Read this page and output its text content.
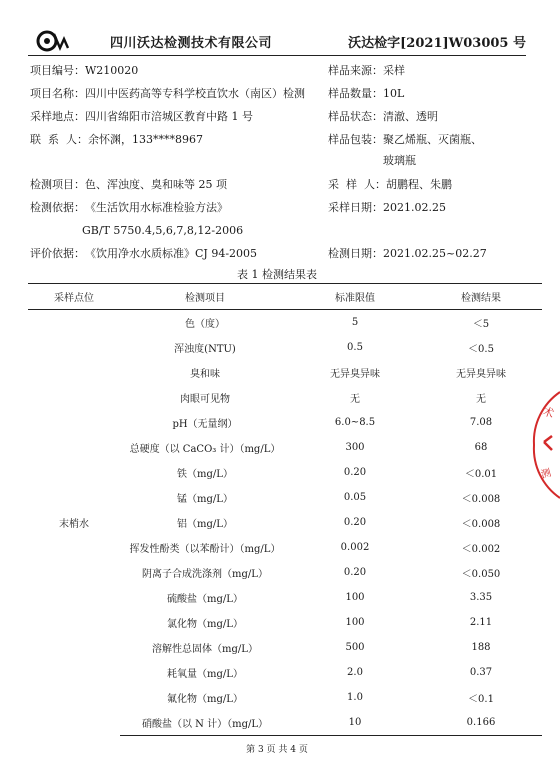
四川沃达检测技术有限公司	沃达检字[2021]W03005 号
项目编号：W210020
项目名称：四川中医药高等专科学校直饮水（南区）检测
采样地点：四川省绵阳市涪城区教育中路 1 号
联  系  人：余怀渊，133****8967
检测项目：色、浑浊度、臭和味等 25 项
检测依据：《生活饮用水标准检验方法》
GB/T 5750.4,5,6,7,8,12-2006
评价依据：《饮用净水水质标准》CJ 94-2005
样品来源：采样
样品数量：10L
样品状态：清澈、透明
样品包装：聚乙烯瓶、灭菌瓶、
玻璃瓶
采  样  人：胡鹏程、朱鹏
采样日期：2021.02.25
检测日期：2021.02.25~02.27
表 1 检测结果表
采样点位	检测项目	标准限值	检测结果
末梢水	色（度）	5	＜5
	浑浊度(NTU)	0.5	＜0.5
	臭和味	无异臭异味	无异臭异味
	肉眼可见物	无	无
	pH（无量纲）	6.0~8.5	7.08
	总硬度（以 CaCO₃ 计）（mg/L）	300	68
	铁（mg/L）	0.20	＜0.01
	锰（mg/L）	0.05	＜0.008
	铝（mg/L）	0.20	＜0.008
	挥发性酚类（以苯酚计）（mg/L）	0.002	＜0.002
	阴离子合成洗涤剂（mg/L）	0.20	＜0.050
	硫酸盐（mg/L）	100	3.35
	氯化物（mg/L）	100	2.11
	溶解性总固体（mg/L）	500	188
	耗氧量（mg/L）	2.0	0.37
	氟化物（mg/L）	1.0	＜0.1
	硝酸盐（以 N 计）（mg/L）	10	0.166
第 3 页 共 4 页
术
测
